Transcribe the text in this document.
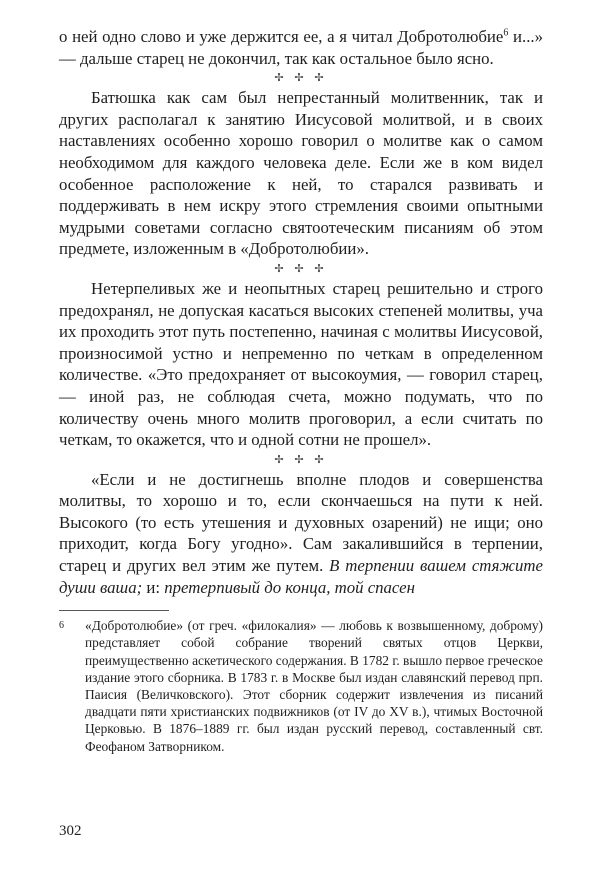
о ней одно слово и уже держится ее, а я читал Добротолюбие$^6$ и...» — дальше старец не докончил, так как остальное было ясно.

✢ ✢ ✢

Батюшка как сам был непрестанный молитвенник, так и других располагал к занятию Иисусовой молитвой, и в своих наставлениях особенно хорошо говорил о молитве как о самом необходимом для каждого человека деле. Если же в ком видел особенное расположение к ней, то старался развивать и поддерживать в нем искру этого стремления своими опытными мудрыми советами согласно святоотеческим писаниям об этом предмете, изложенным в «Добротолюбии».

✢ ✢ ✢

Нетерпеливых же и неопытных старец решительно и строго предохранял, не допуская касаться высоких степеней молитвы, уча их проходить этот путь постепенно, начиная с молитвы Иисусовой, произносимой устно и непременно по четкам в определенном количестве. «Это предохраняет от высокоумия, — говорил старец, — иной раз, не соблюдая счета, можно подумать, что по количеству очень много молитв проговорил, а если считать по четкам, то окажется, что и одной сотни не прошел».

✢ ✢ ✢

«Если и не достигнешь вполне плодов и совершенства молитвы, то хорошо и то, если скончаешься на пути к ней. Высокого (то есть утешения и духовных озарений) не ищи; оно приходит, когда Богу угодно». Сам закалившийся в терпении, старец и других вел этим же путем. В терпении вашем стяжите души ваша; и: претерпивый до конца, той спасен

6 «Добротолюбие» (от греч. «филокалия» — любовь к возвышенному, доброму) представляет собой собрание творений святых отцов Церкви, преимущественно аскетического содержания. В 1782 г. вышло первое греческое издание этого сборника. В 1783 г. в Москве был издан славянский перевод прп. Паисия (Величковского). Этот сборник содержит извлечения из писаний двадцати пяти христианских подвижников (от IV до XV в.), чтимых Восточной Церковью. В 1876–1889 гг. был издан русский перевод, составленный свт. Феофаном Затворником.

302
